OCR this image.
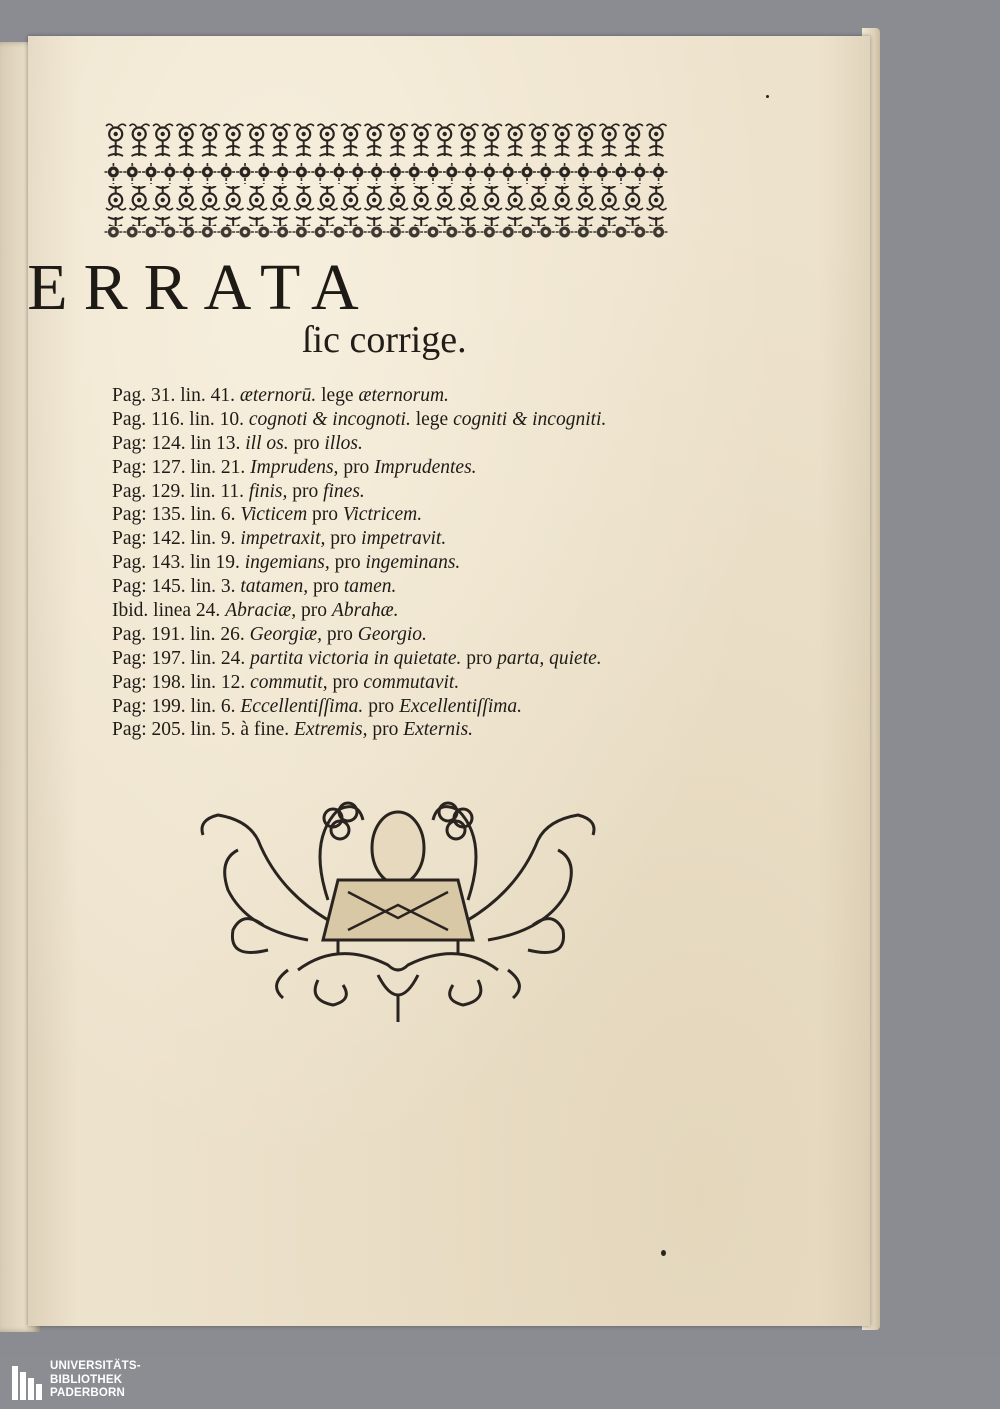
ERRATA
ſic corrige.
Pag. 31. lin. 41. æternorū. lege æternorum.
Pag. 116. lin. 10. cognoti & incognoti. lege cogniti & incogniti.
Pag: 124. lin 13. ill os. pro illos.
Pag: 127. lin. 21. Imprudens, pro Imprudentes.
Pag. 129. lin. 11. finis, pro fines.
Pag: 135. lin. 6. Victicem pro Victricem.
Pag: 142. lin. 9. impetraxit, pro impetravit.
Pag. 143. lin 19. ingemians, pro ingeminans.
Pag: 145. lin. 3. tatamen, pro tamen.
Ibid. linea 24. Abraciæ, pro Abrahæ.
Pag. 191. lin. 26. Georgiæ, pro Georgio.
Pag: 197. lin. 24. partita victoria in quietate. pro parta, quiete.
Pag: 198. lin. 12. commutit, pro commutavit.
Pag: 199. lin. 6. Eccellentiſſima. pro Excellentiſſima.
Pag: 205. lin. 5. à fine. Extremis, pro Externis.
UNIVERSITÄTS-
BIBLIOTHEK
PADERBORN
